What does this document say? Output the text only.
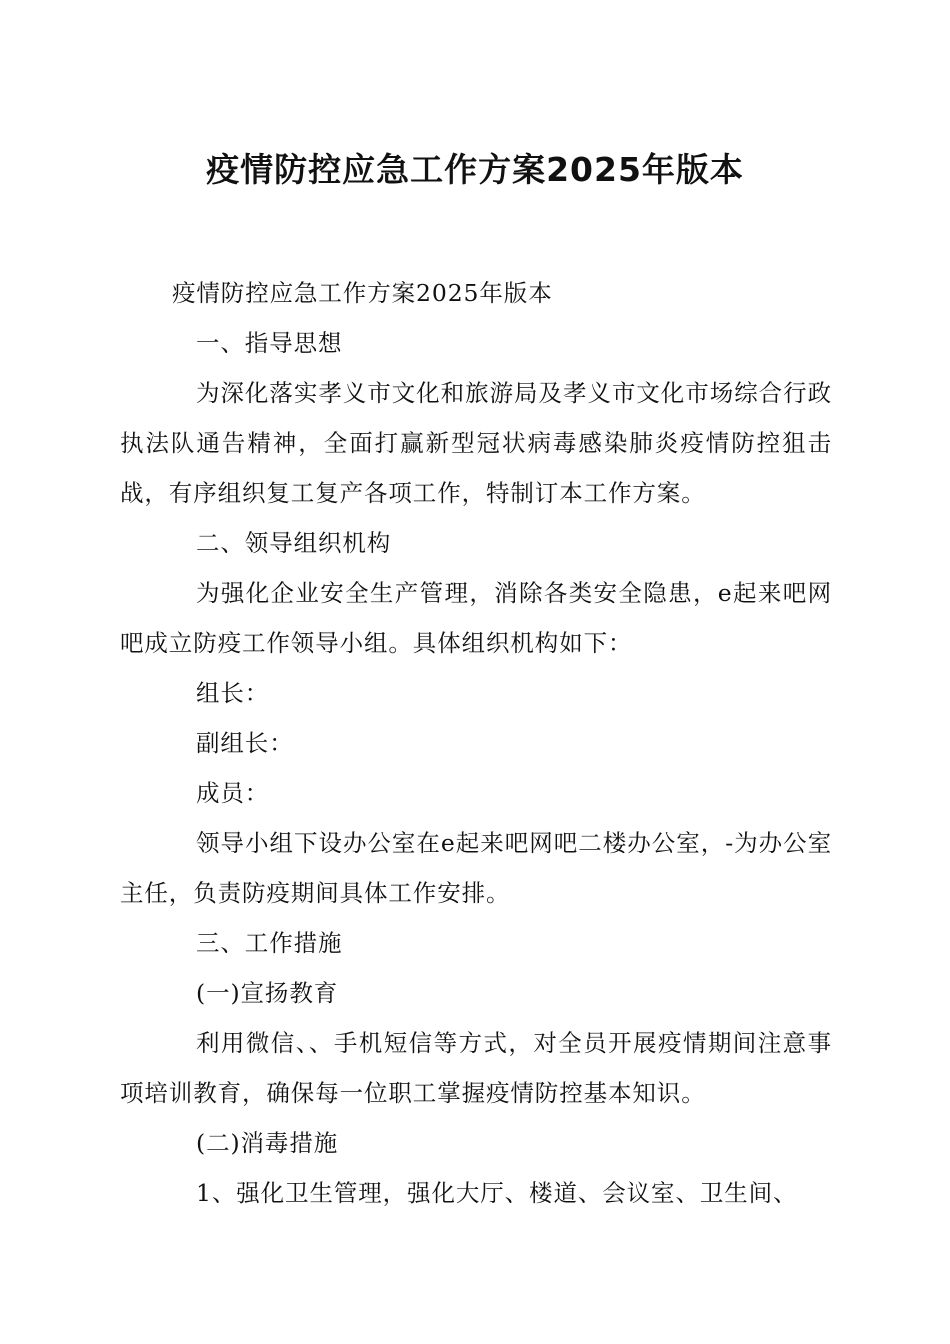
疫情防控应急工作方案2025年版本

疫情防控应急工作方案2025年版本

一、指导思想

为深化落实孝义市文化和旅游局及孝义市文化市场综合行政执法队通告精神，全面打赢新型冠状病毒感染肺炎疫情防控狙击战，有序组织复工复产各项工作，特制订本工作方案。

二、领导组织机构

为强化企业安全生产管理，消除各类安全隐患，e起来吧网吧成立防疫工作领导小组。具体组织机构如下：

组长：

副组长：

成员：

领导小组下设办公室在e起来吧网吧二楼办公室，-为办公室主任，负责防疫期间具体工作安排。

三、工作措施

(一)宣扬教育

利用微信、、手机短信等方式，对全员开展疫情期间注意事项培训教育，确保每一位职工掌握疫情防控基本知识。

(二)消毒措施

1、强化卫生管理，强化大厅、楼道、会议室、卫生间、
